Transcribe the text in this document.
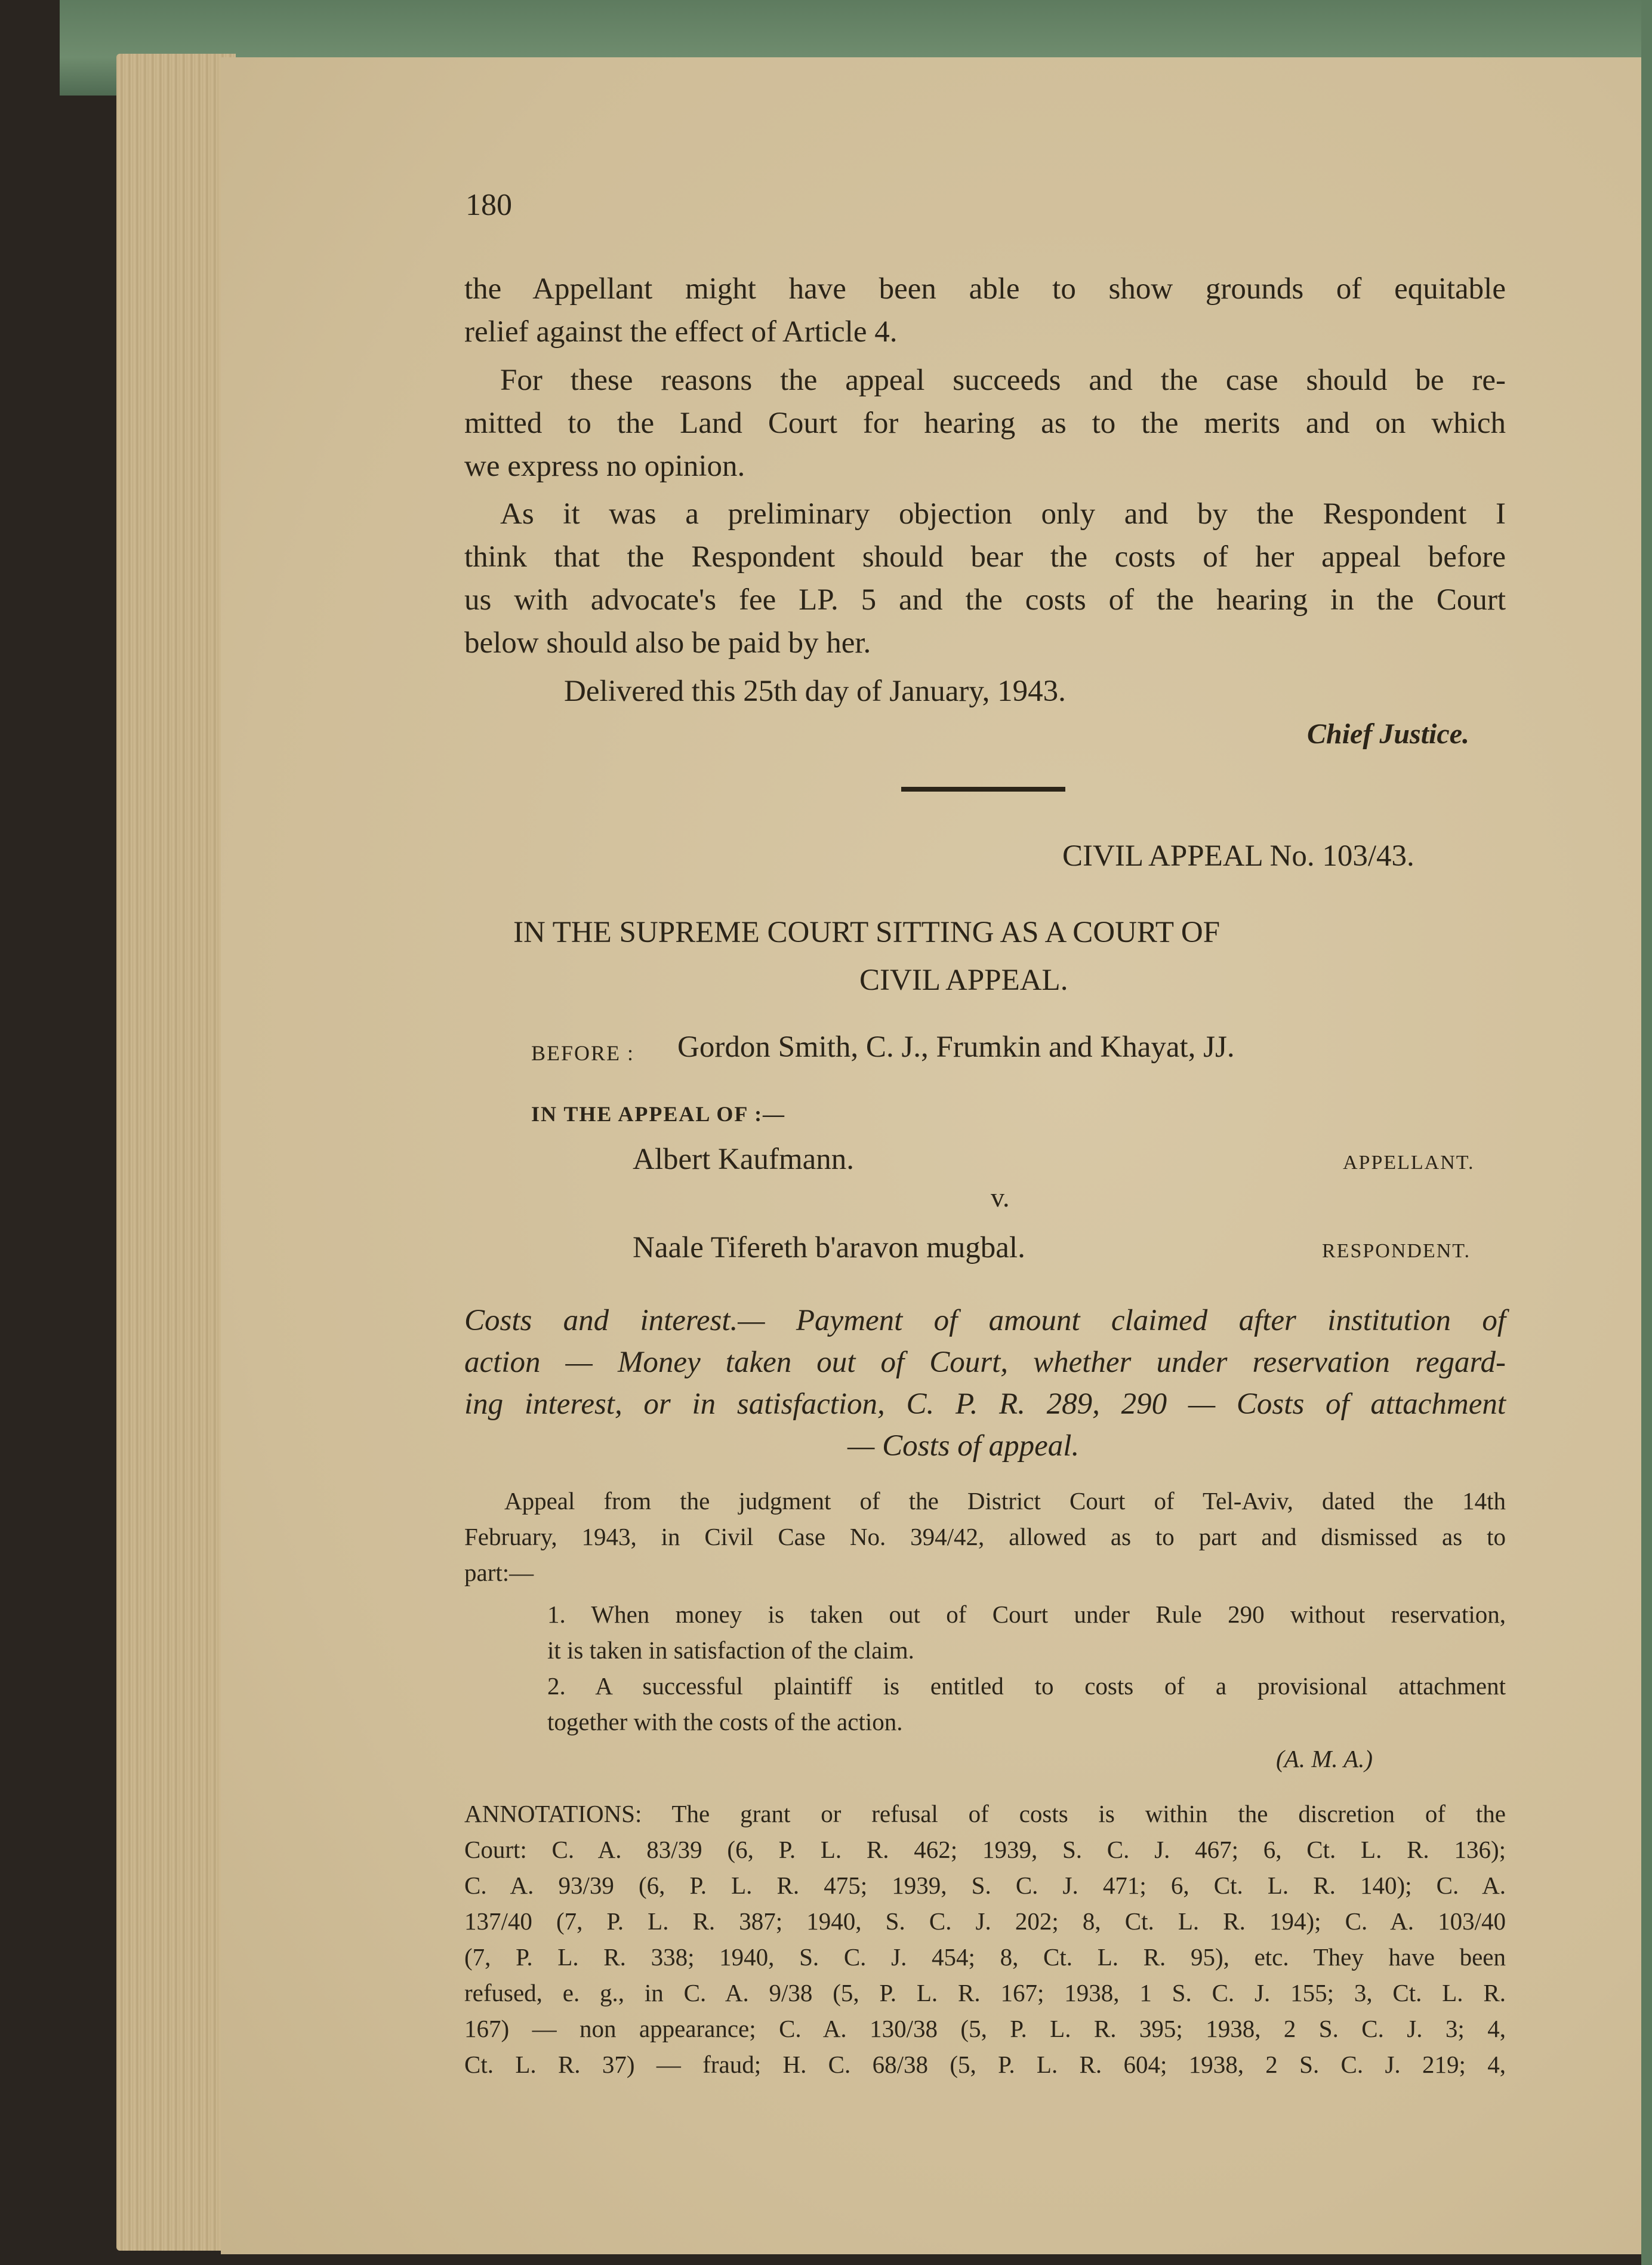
180
the Appellant might have been able to show grounds of equitable
relief against the effect of Article 4.
For these reasons the appeal succeeds and the case should be re-
mitted to the Land Court for hearing as to the merits and on which
we express no opinion.
As it was a preliminary objection only and by the Respondent I
think that the Respondent should bear the costs of her appeal before
us with advocate's fee LP. 5 and the costs of the hearing in the Court
below should also be paid by her.
Delivered this 25th day of January, 1943.
Chief Justice.
CIVIL APPEAL No. 103/43.
IN THE SUPREME COURT SITTING AS A COURT OF
CIVIL APPEAL.
BEFORE : Gordon Smith, C. J., Frumkin and Khayat, JJ.
IN THE APPEAL OF :—
Albert Kaufmann.	APPELLANT.
v.
Naale Tifereth b'aravon mugbal.	RESPONDENT.
Costs and interest.— Payment of amount claimed after institution of
action — Money taken out of Court, whether under reservation regard-
ing interest, or in satisfaction, C. P. R. 289, 290 — Costs of attachment
— Costs of appeal.
Appeal from the judgment of the District Court of Tel-Aviv, dated the 14th
February, 1943, in Civil Case No. 394/42, allowed as to part and dismissed as to
part:—
1. When money is taken out of Court under Rule 290 without reservation,
it is taken in satisfaction of the claim.
2. A successful plaintiff is entitled to costs of a provisional attachment
together with the costs of the action.
(A. M. A.)
ANNOTATIONS: The grant or refusal of costs is within the discretion of the
Court: C. A. 83/39 (6, P. L. R. 462; 1939, S. C. J. 467; 6, Ct. L. R. 136);
C. A. 93/39 (6, P. L. R. 475; 1939, S. C. J. 471; 6, Ct. L. R. 140); C. A.
137/40 (7, P. L. R. 387; 1940, S. C. J. 202; 8, Ct. L. R. 194); C. A. 103/40
(7, P. L. R. 338; 1940, S. C. J. 454; 8, Ct. L. R. 95), etc. They have been
refused, e. g., in C. A. 9/38 (5, P. L. R. 167; 1938, 1 S. C. J. 155; 3, Ct. L. R.
167) — non appearance; C. A. 130/38 (5, P. L. R. 395; 1938, 2 S. C. J. 3; 4,
Ct. L. R. 37) — fraud; H. C. 68/38 (5, P. L. R. 604; 1938, 2 S. C. J. 219; 4,
